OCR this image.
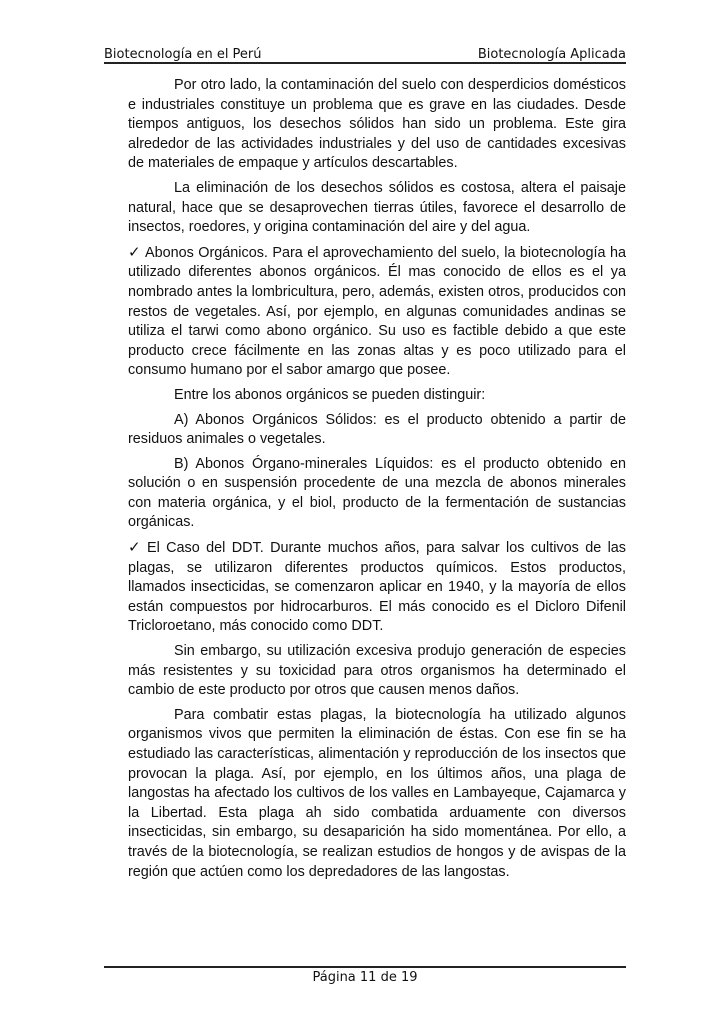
Biotecnología en el Perú	Biotecnología Aplicada

Por otro lado, la contaminación del suelo con desperdicios domésticos e industriales constituye un problema que es grave en las ciudades. Desde tiempos antiguos, los desechos sólidos han sido un problema. Este gira alrededor de las actividades industriales y del uso de cantidades excesivas de materiales de empaque y artículos descartables.

La eliminación de los desechos sólidos es costosa, altera el paisaje natural, hace que se desaprovechen tierras útiles, favorece el desarrollo de insectos, roedores, y origina contaminación del aire y del agua.

✓ Abonos Orgánicos. Para el aprovechamiento del suelo, la biotecnología ha utilizado diferentes abonos orgánicos. Él mas conocido de ellos es el ya nombrado antes la lombricultura, pero, además, existen otros, producidos con restos de vegetales. Así, por ejemplo, en algunas comunidades andinas se utiliza el tarwi como abono orgánico. Su uso es factible debido a que este producto crece fácilmente en las zonas altas y es poco utilizado para el consumo humano por el sabor amargo que posee.

Entre los abonos orgánicos se pueden distinguir:

A) Abonos Orgánicos Sólidos: es el producto obtenido a partir de residuos animales o vegetales.

B) Abonos Órgano-minerales Líquidos: es el producto obtenido en solución o en suspensión procedente de una mezcla de abonos minerales con materia orgánica, y el biol, producto de la fermentación de sustancias orgánicas.

✓ El Caso del DDT. Durante muchos años, para salvar los cultivos de las plagas, se utilizaron diferentes productos químicos. Estos productos, llamados insecticidas, se comenzaron aplicar en 1940, y la mayoría de ellos están compuestos por hidrocarburos. El más conocido es el Dicloro Difenil Tricloroetano, más conocido como DDT.

Sin embargo, su utilización excesiva produjo generación de especies más resistentes y su toxicidad para otros organismos ha determinado el cambio de este producto por otros que causen menos daños.

Para combatir estas plagas, la biotecnología ha utilizado algunos organismos vivos que permiten la eliminación de éstas. Con ese fin se ha estudiado las características, alimentación y reproducción de los insectos que provocan la plaga. Así, por ejemplo, en los últimos años, una plaga de langostas ha afectado los cultivos de los valles en Lambayeque, Cajamarca y la Libertad. Esta plaga ah sido combatida arduamente con diversos insecticidas, sin embargo, su desaparición ha sido momentánea. Por ello, a través de la biotecnología, se realizan estudios de hongos y de avispas de la región que actúen como los depredadores de las langostas.

Página 11 de 19
